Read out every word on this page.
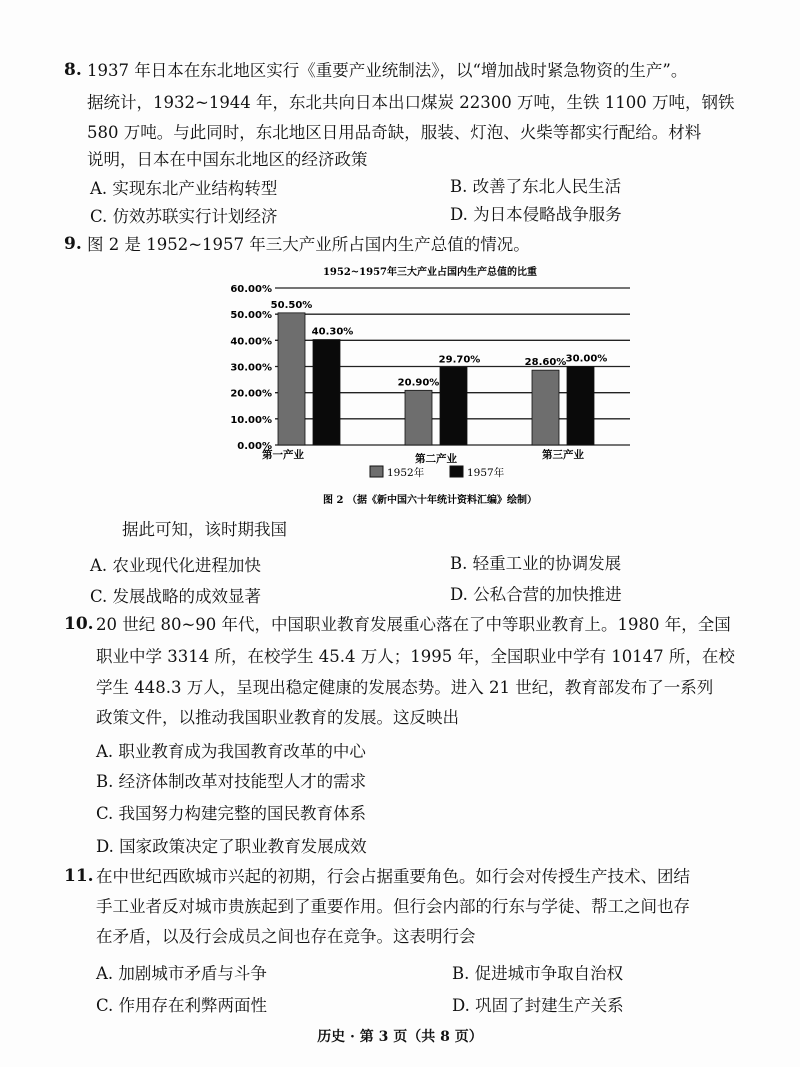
8. 1937 年日本在东北地区实行《重要产业统制法》，以“增加战时紧急物资的生产”。
据统计，1932~1944 年，东北共向日本出口煤炭 22300 万吨，生铁 1100 万吨，钢铁
580 万吨。与此同时，东北地区日用品奇缺，服装、灯泡、火柴等都实行配给。材料
说明，日本在中国东北地区的经济政策
A. 实现东北产业结构转型	B. 改善了东北人民生活
C. 仿效苏联实行计划经济	D. 为日本侵略战争服务
9. 图 2 是 1952~1957 年三大产业所占国内生产总值的情况。
1952~1957年三大产业占国内生产总值的比重
0.00%
10.00%
20.00%
30.00%
40.00%
50.00%
60.00%
50.50%
40.30%
第一产业
20.90%
29.70%
第二产业
28.60% 30.00%
第三产业
1952年	1957年
图 2 （据《新中国六十年统计资料汇编》绘制）
据此可知，该时期我国
A. 农业现代化进程加快	B. 轻重工业的协调发展
C. 发展战略的成效显著	D. 公私合营的加快推进
10. 20 世纪 80~90 年代，中国职业教育发展重心落在了中等职业教育上。1980 年，全国
职业中学 3314 所，在校学生 45.4 万人；1995 年，全国职业中学有 10147 所，在校
学生 448.3 万人，呈现出稳定健康的发展态势。进入 21 世纪，教育部发布了一系列
政策文件，以推动我国职业教育的发展。这反映出
A. 职业教育成为我国教育改革的中心
B. 经济体制改革对技能型人才的需求
C. 我国努力构建完整的国民教育体系
D. 国家政策决定了职业教育发展成效
11. 在中世纪西欧城市兴起的初期，行会占据重要角色。如行会对传授生产技术、团结
手工业者反对城市贵族起到了重要作用。但行会内部的行东与学徒、帮工之间也存
在矛盾，以及行会成员之间也存在竞争。这表明行会
A. 加剧城市矛盾与斗争	B. 促进城市争取自治权
C. 作用存在利弊两面性	D. 巩固了封建生产关系
历史 · 第 3 页（共 8 页）
